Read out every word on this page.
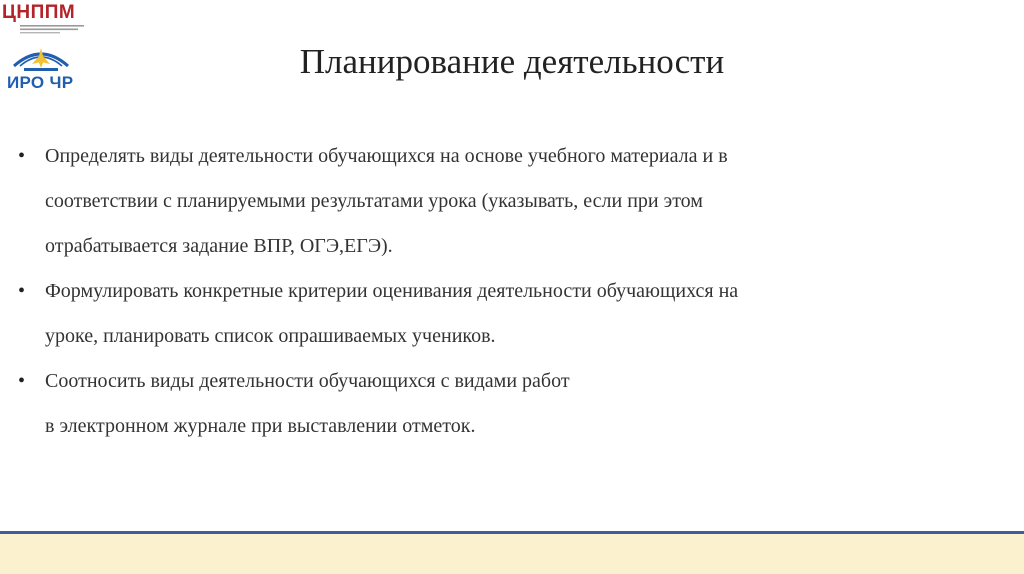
ЦНППМ
ИРО ЧР
Планирование деятельности
• Определять виды деятельности обучающихся на основе учебного материала и в
соответствии с планируемыми результатами урока (указывать, если при этом
отрабатывается задание ВПР, ОГЭ,ЕГЭ).
• Формулировать конкретные критерии оценивания деятельности обучающихся на
уроке, планировать список опрашиваемых учеников.
• Соотносить виды деятельности обучающихся с видами работ
в электронном журнале при выставлении отметок.
